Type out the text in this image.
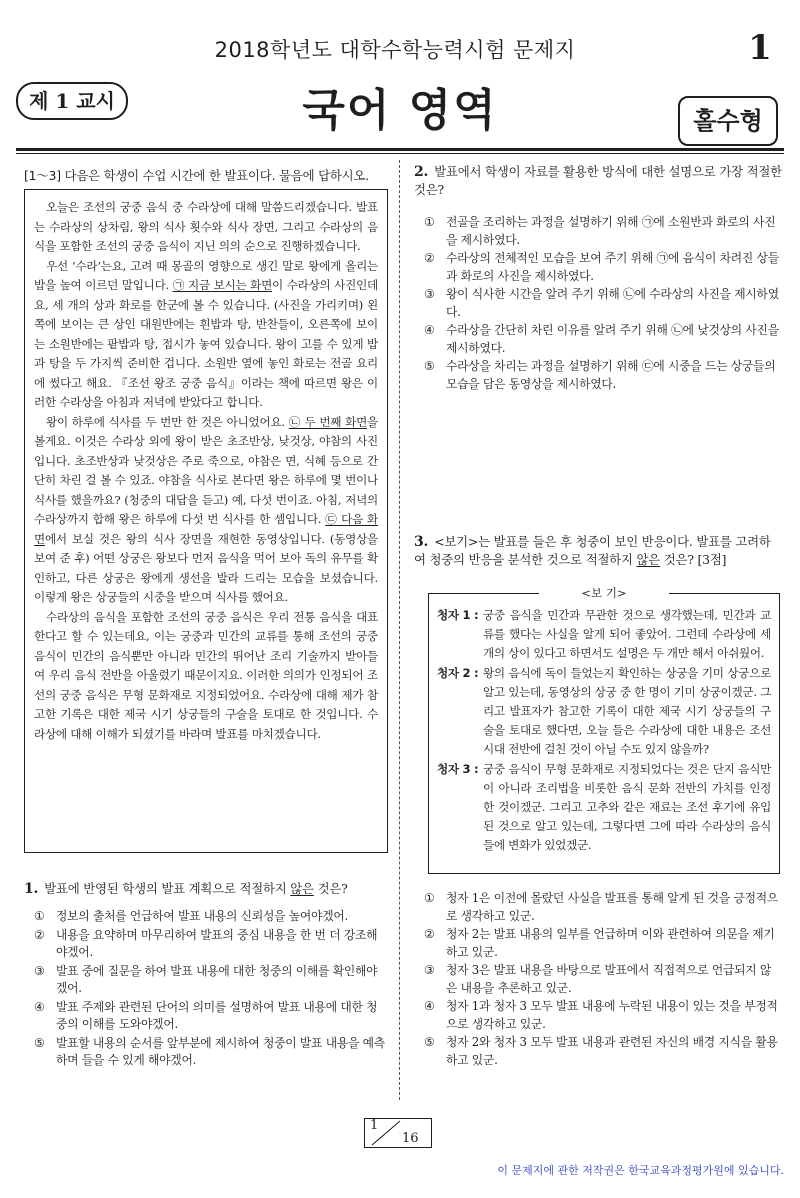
2018학년도 대학수학능력시험 문제지	1
제 1 교시	국어 영역	홀수형
[1～3] 다음은 학생이 수업 시간에 한 발표이다. 물음에 답하시오.

오늘은 조선의 궁중 음식 중 수라상에 대해 말씀드리겠습니다. 발표는 수라상의 상차림, 왕의 식사 횟수와 식사 장면, 그리고 수라상의 음식을 포함한 조선의 궁중 음식이 지닌 의의 순으로 진행하겠습니다.

우선 ‘수라’는요, 고려 때 몽골의 영향으로 생긴 말로 왕에게 올리는 밥을 높여 이르던 말입니다. ㉠ 지금 보시는 화면이 수라상의 사진인데요, 세 개의 상과 화로를 한군에 볼 수 있습니다. (사진을 가리키며) 왼쪽에 보이는 큰 상인 대원반에는 흰밥과 탕, 반찬들이, 오른쪽에 보이는 소원반에는 팥밥과 탕, 접시가 놓여 있습니다. 왕이 고를 수 있게 밥과 탕을 두 가지씩 준비한 겁니다. 소원반 옆에 놓인 화로는 전골 요리에 썼다고 해요. 『조선 왕조 궁중 음식』이라는 책에 따르면 왕은 이러한 수라상을 아침과 저녁에 받았다고 합니다.

왕이 하루에 식사를 두 번만 한 것은 아니었어요. ㉡ 두 번째 화면을 볼게요. 이것은 수라상 외에 왕이 받은 초조반상, 낮것상, 야참의 사진입니다. 초조반상과 낮것상은 주로 죽으로, 야참은 면, 식혜 등으로 간단히 차린 걸 볼 수 있죠. 야참을 식사로 본다면 왕은 하루에 몇 번이나 식사를 했을까요? (청중의 대답을 듣고) 예, 다섯 번이죠. 아침, 저녁의 수라상까지 합해 왕은 하루에 다섯 번 식사를 한 셈입니다. ㉢ 다음 화면에서 보실 것은 왕의 식사 장면을 재현한 동영상입니다. (동영상을 보여 준 후) 어떤 상궁은 왕보다 먼저 음식을 먹어 보아 독의 유무를 확인하고, 다른 상궁은 왕에게 생선을 발라 드리는 모습을 보셨습니다. 이렇게 왕은 상궁들의 시중을 받으며 식사를 했어요.

수라상의 음식을 포함한 조선의 궁중 음식은 우리 전통 음식을 대표한다고 할 수 있는데요, 이는 궁중과 민간의 교류를 통해 조선의 궁중 음식이 민간의 음식뿐만 아니라 민간의 뛰어난 조리 기술까지 받아들여 우리 음식 전반을 아울렀기 때문이지요. 이러한 의의가 인정되어 조선의 궁중 음식은 무형 문화재로 지정되었어요. 수라상에 대해 제가 참고한 기록은 대한 제국 시기 상궁들의 구술을 토대로 한 것입니다. 수라상에 대해 이해가 되셨기를 바라며 발표를 마치겠습니다.

1. 발표에 반영된 학생의 발표 계획으로 적절하지 않은 것은?
① 정보의 출처를 언급하여 발표 내용의 신뢰성을 높여야겠어.
② 내용을 요약하며 마무리하여 발표의 중심 내용을 한 번 더 강조해야겠어.
③ 발표 중에 질문을 하여 발표 내용에 대한 청중의 이해를 확인해야겠어.
④ 발표 주제와 관련된 단어의 의미를 설명하여 발표 내용에 대한 청중의 이해를 도와야겠어.
⑤ 발표할 내용의 순서를 앞부분에 제시하여 청중이 발표 내용을 예측하며 들을 수 있게 해야겠어.
2. 발표에서 학생이 자료를 활용한 방식에 대한 설명으로 가장 적절한 것은?
① 전골을 조리하는 과정을 설명하기 위해 ㉠에 소원반과 화로의 사진을 제시하였다.
② 수라상의 전체적인 모습을 보여 주기 위해 ㉠에 음식이 차려진 상들과 화로의 사진을 제시하였다.
③ 왕이 식사한 시간을 알려 주기 위해 ㉡에 수라상의 사진을 제시하였다.
④ 수라상을 간단히 차린 이유를 알려 주기 위해 ㉡에 낮것상의 사진을 제시하였다.
⑤ 수라상을 차리는 과정을 설명하기 위해 ㉢에 시중을 드는 상궁들의 모습을 담은 동영상을 제시하였다.
3. <보기>는 발표를 들은 후 청중이 보인 반응이다. 발표를 고려하여 청중의 반응을 분석한 것으로 적절하지 않은 것은? [3점]
<보 기>
청자 1 : 궁중 음식을 민간과 무관한 것으로 생각했는데, 민간과 교류를 했다는 사실을 알게 되어 좋았어. 그런데 수라상에 세 개의 상이 있다고 하면서도 설명은 두 개만 해서 아쉬웠어.
청자 2 : 왕의 음식에 독이 들었는지 확인하는 상궁을 기미 상궁으로 알고 있는데, 동영상의 상궁 중 한 명이 기미 상궁이겠군. 그리고 발표자가 참고한 기록이 대한 제국 시기 상궁들의 구술을 토대로 했다면, 오늘 들은 수라상에 대한 내용은 조선 시대 전반에 걸친 것이 아닐 수도 있지 않을까?
청자 3 : 궁중 음식이 무형 문화재로 지정되었다는 것은 단지 음식만이 아니라 조리법을 비롯한 음식 문화 전반의 가치를 인정한 것이겠군. 그리고 고추와 같은 재료는 조선 후기에 유입된 것으로 알고 있는데, 그렇다면 그에 따라 수라상의 음식들에 변화가 있었겠군.
① 청자 1은 이전에 몰랐던 사실을 발표를 통해 알게 된 것을 긍정적으로 생각하고 있군.
② 청자 2는 발표 내용의 일부를 언급하며 이와 관련하여 의문을 제기하고 있군.
③ 청자 3은 발표 내용을 바탕으로 발표에서 직접적으로 언급되지 않은 내용을 추론하고 있군.
④ 청자 1과 청자 3 모두 발표 내용에 누락된 내용이 있는 것을 부정적으로 생각하고 있군.
⑤ 청자 2와 청자 3 모두 발표 내용과 관련된 자신의 배경 지식을 활용하고 있군.
1
16
이 문제지에 관한 저작권은 한국교육과정평가원에 있습니다.
